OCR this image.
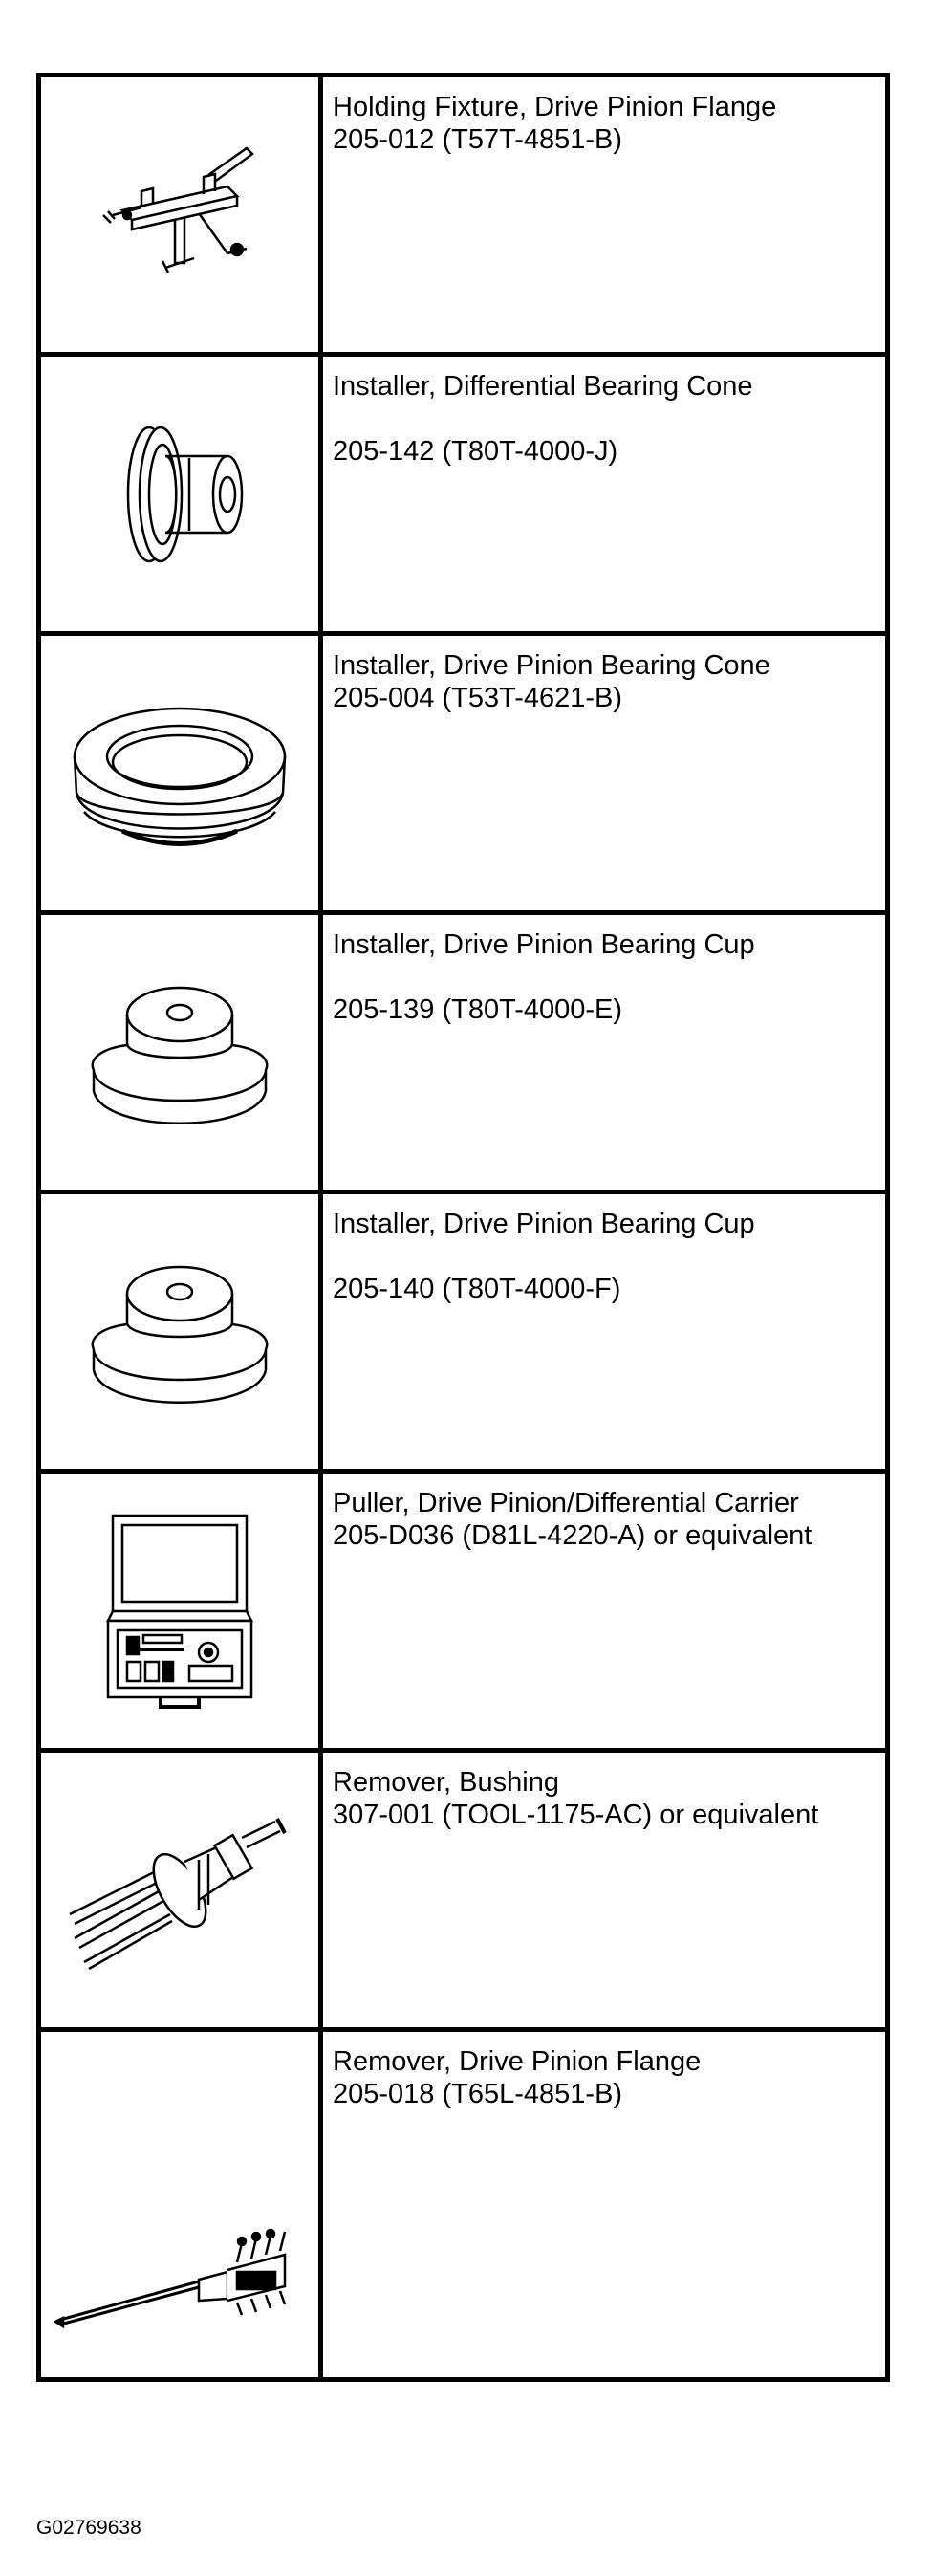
Holding Fixture, Drive Pinion Flange
205-012 (T57T-4851-B)

Installer, Differential Bearing Cone
205-142 (T80T-4000-J)

Installer, Drive Pinion Bearing Cone
205-004 (T53T-4621-B)

Installer, Drive Pinion Bearing Cup
205-139 (T80T-4000-E)

Installer, Drive Pinion Bearing Cup
205-140 (T80T-4000-F)

Puller, Drive Pinion/Differential Carrier
205-D036 (D81L-4220-A) or equivalent

Remover, Bushing
307-001 (TOOL-1175-AC) or equivalent

Remover, Drive Pinion Flange
205-018 (T65L-4851-B)
G02769638
